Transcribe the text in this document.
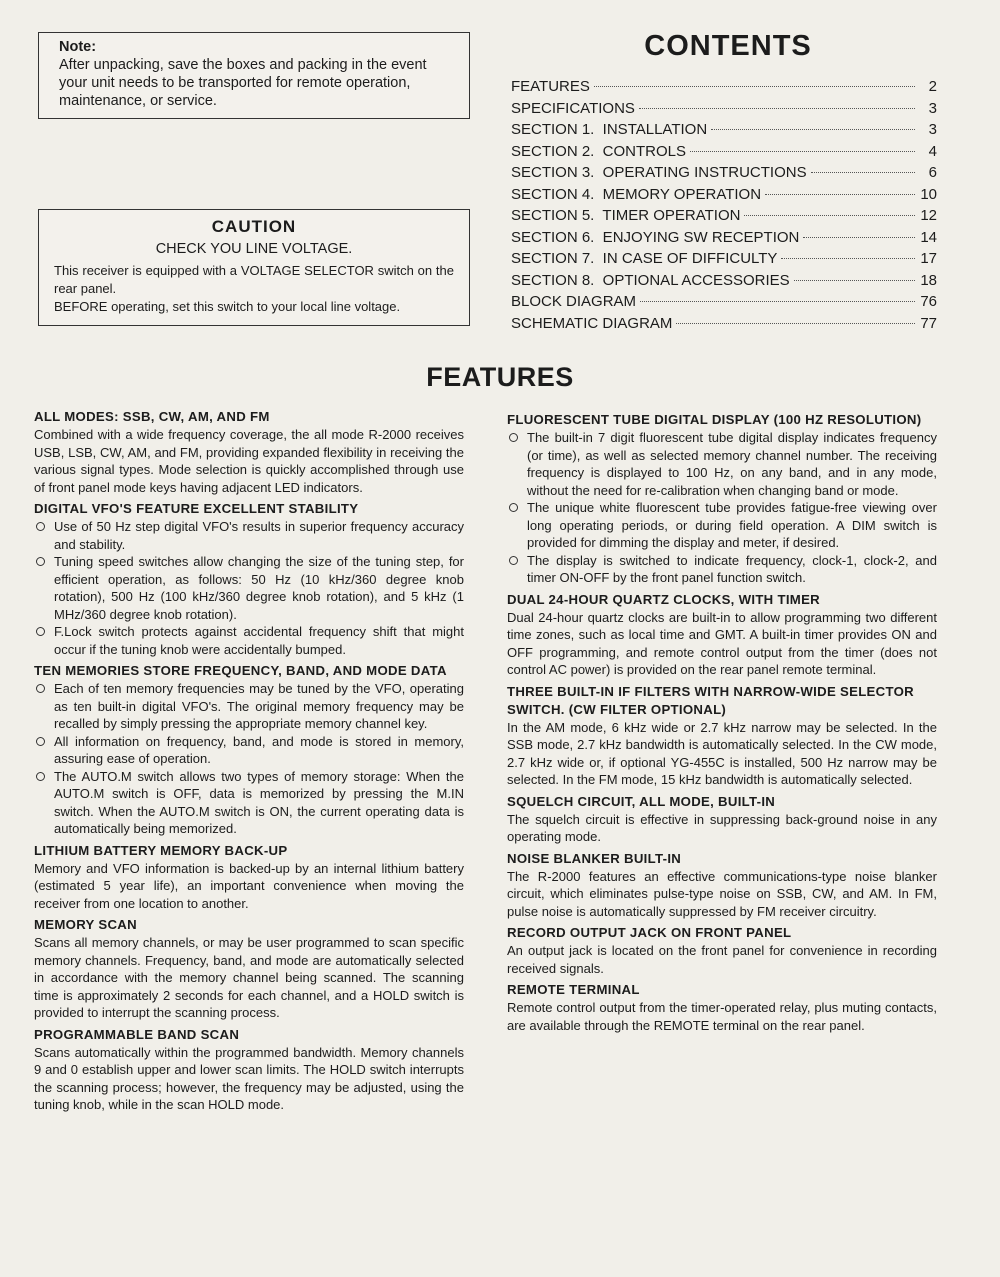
Note:
After unpacking, save the boxes and packing in the event your unit needs to be transported for remote operation, maintenance, or service.
CAUTION
CHECK YOU LINE VOLTAGE.
This receiver is equipped with a VOLTAGE SELECTOR switch on the rear panel.
BEFORE operating, set this switch to your local line voltage.
CONTENTS
FEATURES	2
SPECIFICATIONS	3
SECTION 1.  INSTALLATION	3
SECTION 2.  CONTROLS	4
SECTION 3.  OPERATING INSTRUCTIONS	6
SECTION 4.  MEMORY OPERATION	10
SECTION 5.  TIMER OPERATION	12
SECTION 6.  ENJOYING SW RECEPTION	14
SECTION 7.  IN CASE OF DIFFICULTY	17
SECTION 8.  OPTIONAL ACCESSORIES	18
BLOCK DIAGRAM	76
SCHEMATIC DIAGRAM	77
FEATURES
ALL MODES: SSB, CW, AM, AND FM

Combined with a wide frequency coverage, the all mode R-2000 receives USB, LSB, CW, AM, and FM, providing expanded flexibility in receiving the various signal types. Mode selection is quickly accomplished through use of front panel mode keys having adjacent LED indicators.

DIGITAL VFO'S FEATURE EXCELLENT STABILITY
Use of 50 Hz step digital VFO's results in superior frequency accuracy and stability.
Tuning speed switches allow changing the size of the tuning step, for efficient operation, as follows: 50 Hz (10 kHz/360 degree knob rotation), 500 Hz (100 kHz/360 degree knob rotation), and 5 kHz (1 MHz/360 degree knob rotation).
F.Lock switch protects against accidental frequency shift that might occur if the tuning knob were accidentally bumped.
TEN MEMORIES STORE FREQUENCY, BAND, AND MODE DATA
Each of ten memory frequencies may be tuned by the VFO, operating as ten built-in digital VFO's. The original memory frequency may be recalled by simply pressing the appropriate memory channel key.
All information on frequency, band, and mode is stored in memory, assuring ease of operation.
The AUTO.M switch allows two types of memory storage: When the AUTO.M switch is OFF, data is memorized by pressing the M.IN switch. When the AUTO.M switch is ON, the current operating data is automatically being memorized.
LITHIUM BATTERY MEMORY BACK-UP

Memory and VFO information is backed-up by an internal lithium battery (estimated 5 year life), an important convenience when moving the receiver from one location to another.

MEMORY SCAN

Scans all memory channels, or may be user programmed to scan specific memory channels. Frequency, band, and mode are automatically selected in accordance with the memory channel being scanned. The scanning time is approximately 2 seconds for each channel, and a HOLD switch is provided to interrupt the scanning process.

PROGRAMMABLE BAND SCAN

Scans automatically within the programmed bandwidth. Memory channels 9 and 0 establish upper and lower scan limits. The HOLD switch interrupts the scanning process; however, the frequency may be adjusted, using the tuning knob, while in the scan HOLD mode.

FLUORESCENT TUBE DIGITAL DISPLAY (100 HZ RESOLUTION)
The built-in 7 digit fluorescent tube digital display indicates frequency (or time), as well as selected memory channel number. The receiving frequency is displayed to 100 Hz, on any band, and in any mode, without the need for re-calibration when changing band or mode.
The unique white fluorescent tube provides fatigue-free viewing over long operating periods, or during field operation. A DIM switch is provided for dimming the display and meter, if desired.
The display is switched to indicate frequency, clock-1, clock-2, and timer ON-OFF by the front panel function switch.
DUAL 24-HOUR QUARTZ CLOCKS, WITH TIMER

Dual 24-hour quartz clocks are built-in to allow programming two different time zones, such as local time and GMT. A built-in timer provides ON and OFF programming, and remote control output from the timer (does not control AC power) is provided on the rear panel remote terminal.

THREE BUILT-IN IF FILTERS WITH NARROW-WIDE SELECTOR SWITCH. (CW FILTER OPTIONAL)

In the AM mode, 6 kHz wide or 2.7 kHz narrow may be selected. In the SSB mode, 2.7 kHz bandwidth is automatically selected. In the CW mode, 2.7 kHz wide or, if optional YG-455C is installed, 500 Hz narrow may be selected. In the FM mode, 15 kHz bandwidth is automatically selected.

SQUELCH CIRCUIT, ALL MODE, BUILT-IN

The squelch circuit is effective in suppressing back-ground noise in any operating mode.

NOISE BLANKER BUILT-IN

The R-2000 features an effective communications-type noise blanker circuit, which eliminates pulse-type noise on SSB, CW, and AM. In FM, pulse noise is automatically suppressed by FM receiver circuitry.

RECORD OUTPUT JACK ON FRONT PANEL

An output jack is located on the front panel for convenience in recording received signals.

REMOTE TERMINAL

Remote control output from the timer-operated relay, plus muting contacts, are available through the REMOTE terminal on the rear panel.
